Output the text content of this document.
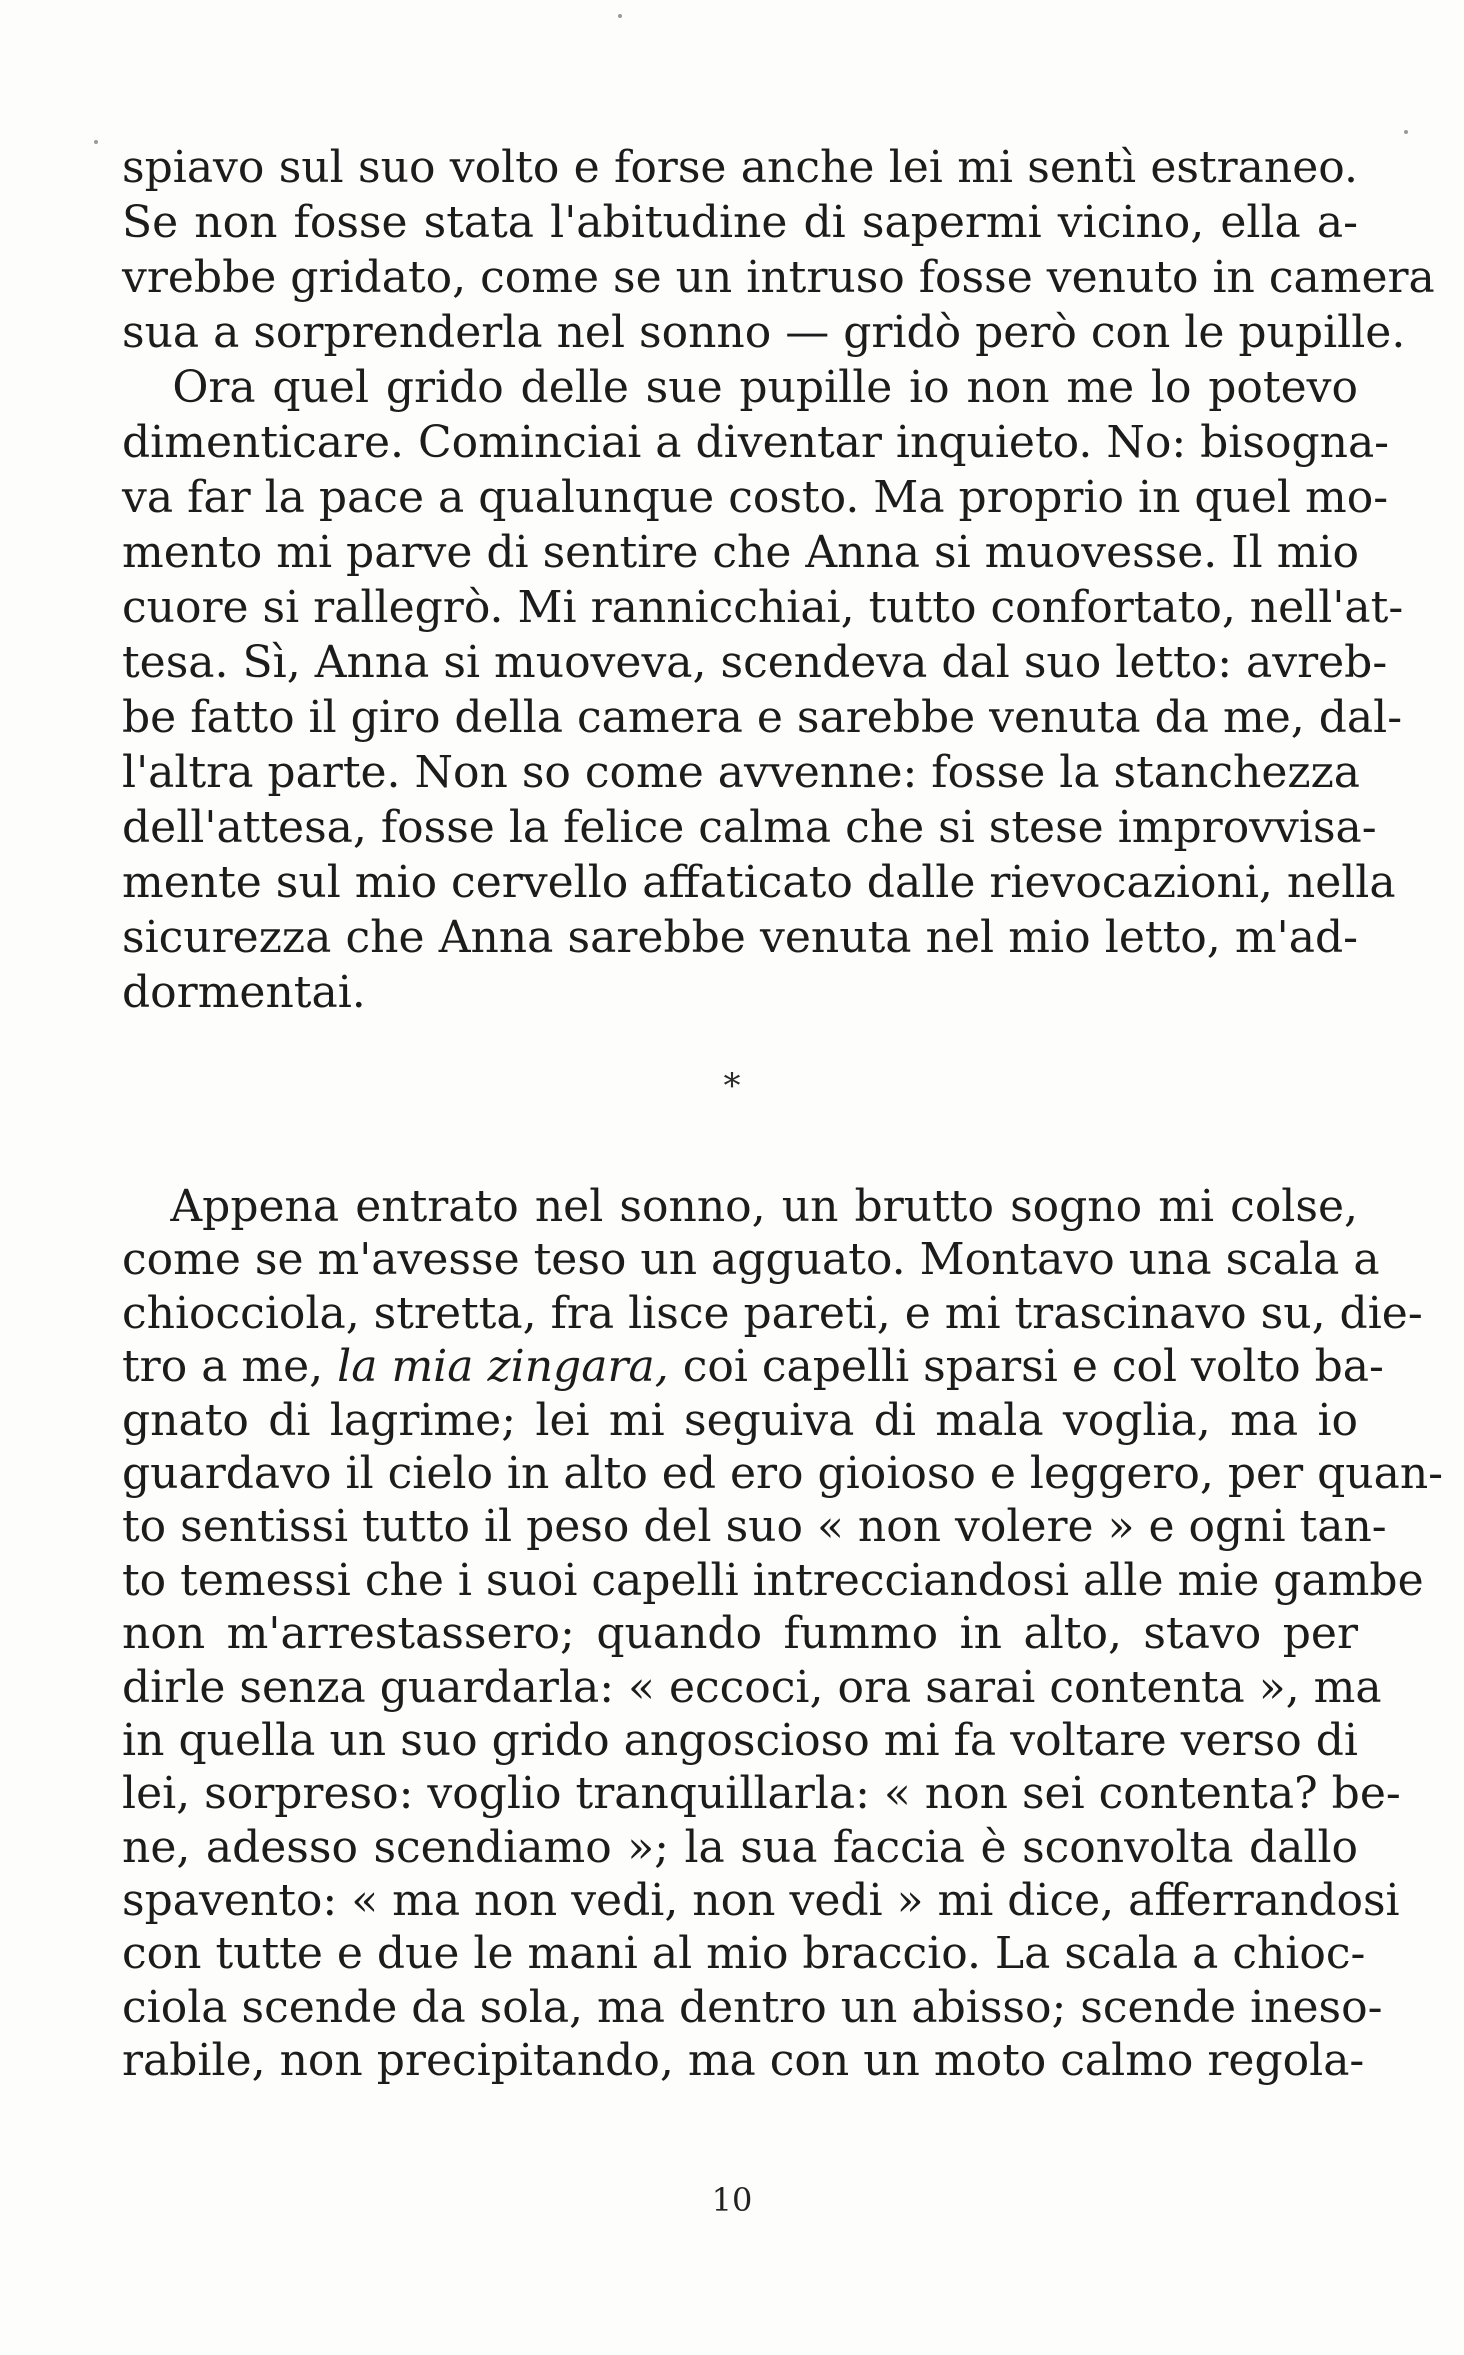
spiavo sul suo volto e forse anche lei mi sentì estraneo.
Se non fosse stata l'abitudine di sapermi vicino, ella a-
vrebbe gridato, come se un intruso fosse venuto in camera
sua a sorprenderla nel sonno — gridò però con le pupille.
Ora quel grido delle sue pupille io non me lo potevo
dimenticare. Cominciai a diventar inquieto. No: bisogna-
va far la pace a qualunque costo. Ma proprio in quel mo-
mento mi parve di sentire che Anna si muovesse. Il mio
cuore si rallegrò. Mi rannicchiai, tutto confortato, nell'at-
tesa. Sì, Anna si muoveva, scendeva dal suo letto: avreb-
be fatto il giro della camera e sarebbe venuta da me, dal-
l'altra parte. Non so come avvenne: fosse la stanchezza
dell'attesa, fosse la felice calma che si stese improvvisa-
mente sul mio cervello affaticato dalle rievocazioni, nella
sicurezza che Anna sarebbe venuta nel mio letto, m'ad-
dormentai.
*
Appena entrato nel sonno, un brutto sogno mi colse,
come se m'avesse teso un agguato. Montavo una scala a
chiocciola, stretta, fra lisce pareti, e mi trascinavo su, die-
tro a me, la mia zingara, coi capelli sparsi e col volto ba-
gnato di lagrime; lei mi seguiva di mala voglia, ma io
guardavo il cielo in alto ed ero gioioso e leggero, per quan-
to sentissi tutto il peso del suo « non volere » e ogni tan-
to temessi che i suoi capelli intrecciandosi alle mie gambe
non m'arrestassero; quando fummo in alto, stavo per
dirle senza guardarla: « eccoci, ora sarai contenta », ma
in quella un suo grido angoscioso mi fa voltare verso di
lei, sorpreso: voglio tranquillarla: « non sei contenta? be-
ne, adesso scendiamo »; la sua faccia è sconvolta dallo
spavento: « ma non vedi, non vedi » mi dice, afferrandosi
con tutte e due le mani al mio braccio. La scala a chioc-
ciola scende da sola, ma dentro un abisso; scende ineso-
rabile, non precipitando, ma con un moto calmo regola-
10
